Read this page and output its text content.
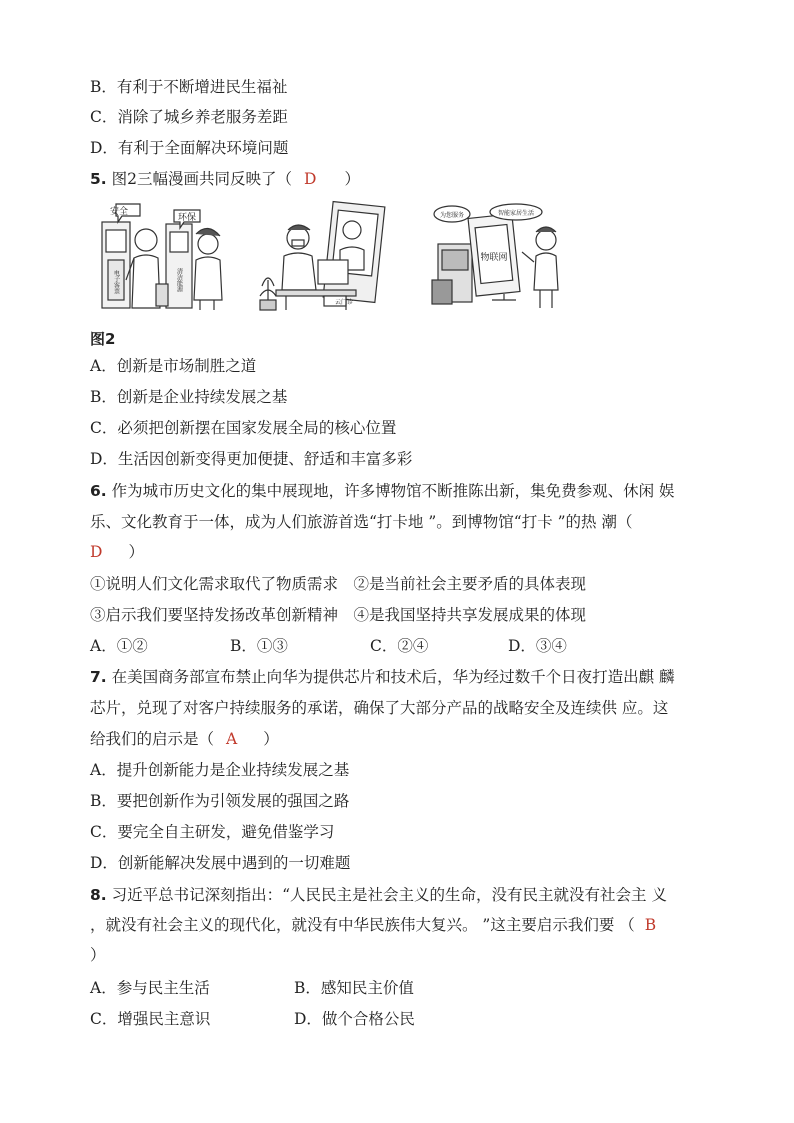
B．有利于不断增进民生福祉
C．消除了城乡养老服务差距
D．有利于全面解决环境问题
5. 图2三幅漫画共同反映了（ D ）
安全
环保
电子客票	清洁能源
云门诊
为您服务	智能家居生活
物联网
图2
A．创新是市场制胜之道
B．创新是企业持续发展之基
C．必须把创新摆在国家发展全局的核心位置
D．生活因创新变得更加便捷、舒适和丰富多彩
6. 作为城市历史文化的集中展现地，许多博物馆不断推陈出新，集免费参观、休闲 娱
乐、文化教育于一体，成为人们旅游首选“打卡地 ”。到博物馆“打卡 ”的热 潮（
D ）
①说明人们文化需求取代了物质需求　②是当前社会主要矛盾的具体表现
③启示我们要坚持发扬改革创新精神　④是我国坚持共享发展成果的体现
A．①②	B．①③	C．②④	D．③④
7. 在美国商务部宣布禁止向华为提供芯片和技术后，华为经过数千个日夜打造出麒 麟
芯片，兑现了对客户持续服务的承诺，确保了大部分产品的战略安全及连续供 应。这
给我们的启示是（ A ）
A．提升创新能力是企业持续发展之基
B．要把创新作为引领发展的强国之路
C．要完全自主研发，避免借鉴学习
D．创新能解决发展中遇到的一切难题
8. 习近平总书记深刻指出：“人民民主是社会主义的生命，没有民主就没有社会主 义
，就没有社会主义的现代化，就没有中华民族伟大复兴。 ”这主要启示我们要 （ B
）
A．参与民主生活	B．感知民主价值
C．增强民主意识	D．做个合格公民
